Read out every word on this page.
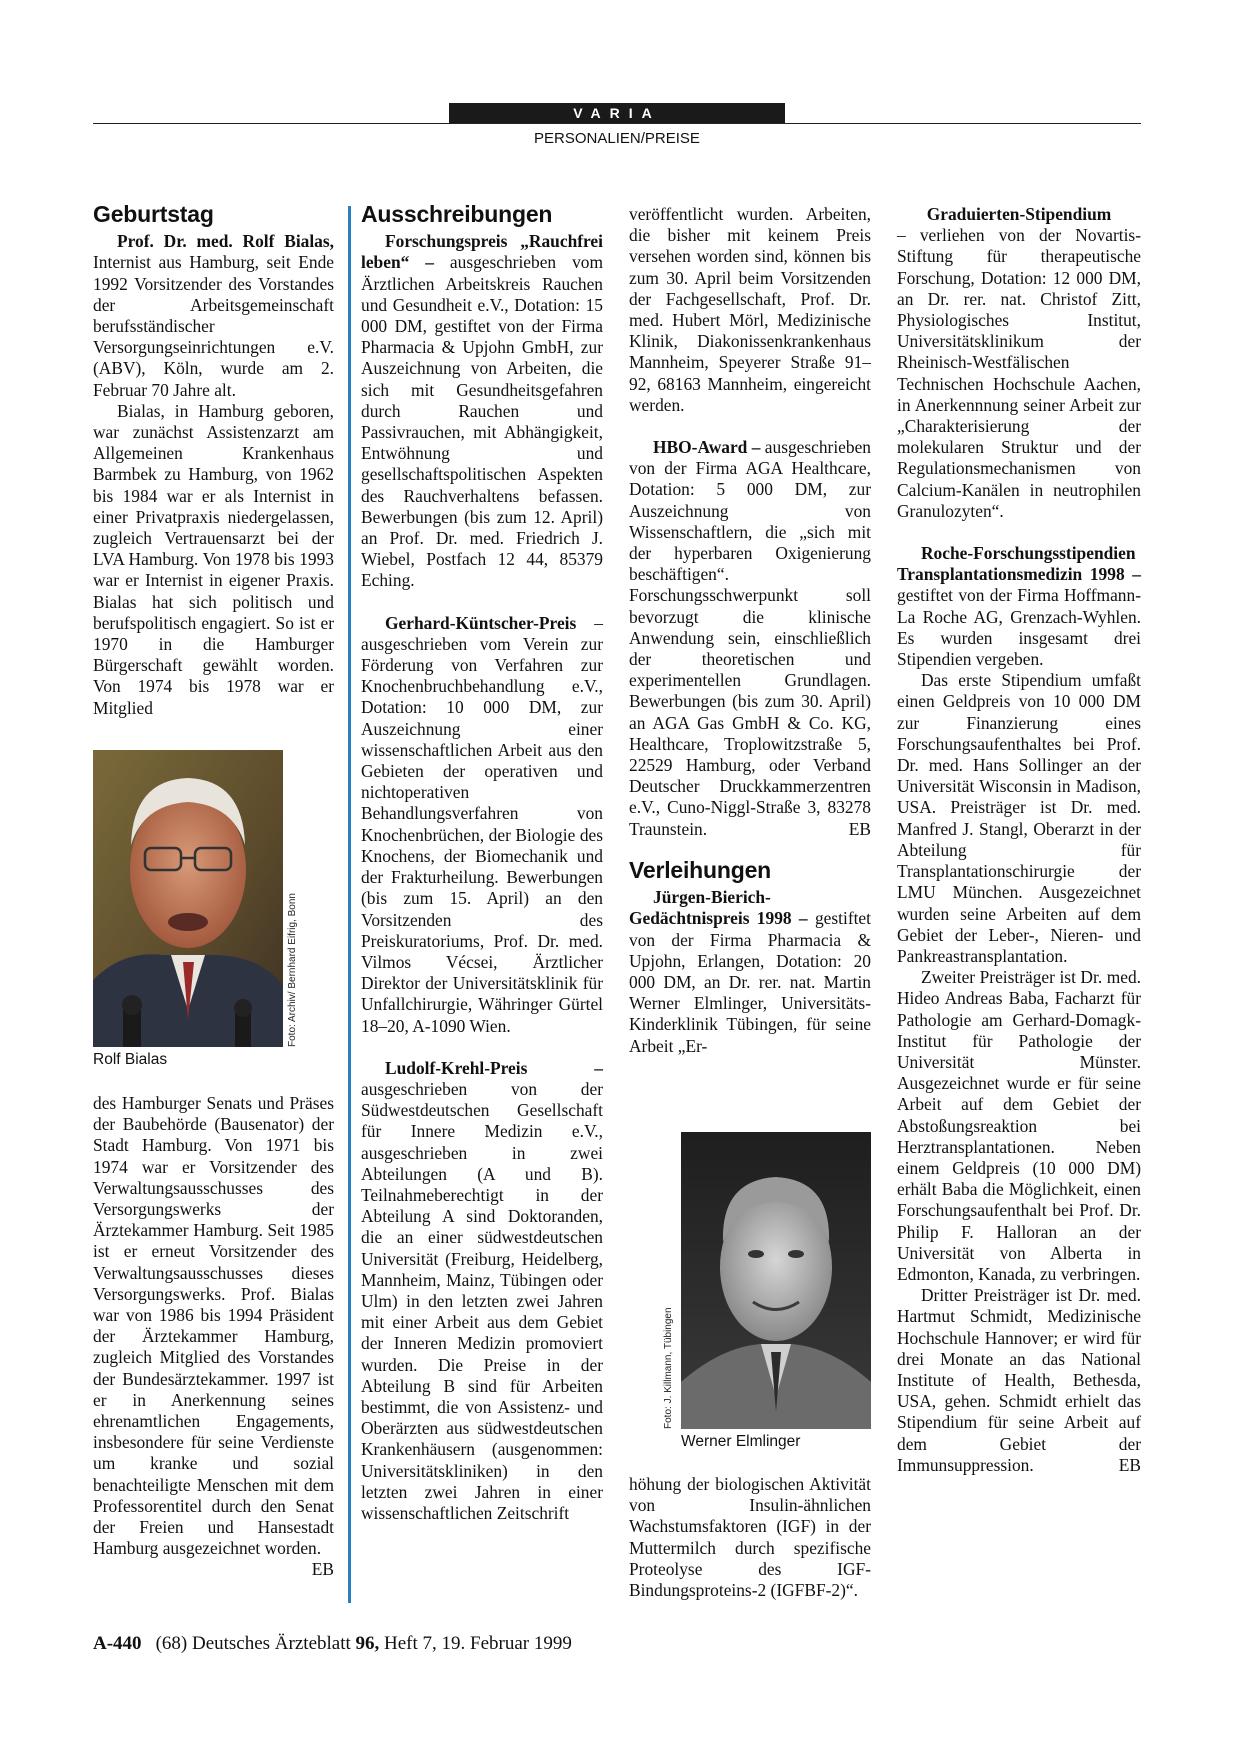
VARIA
PERSONALIEN/PREISE
Geburtstag

Prof. Dr. med. Rolf Bialas, Internist aus Hamburg, seit Ende 1992 Vorsitzender des Vorstandes der Arbeitsgemeinschaft berufsständischer Versorgungseinrichtungen e.V. (ABV), Köln, wurde am 2. Februar 70 Jahre alt.

Bialas, in Hamburg geboren, war zunächst Assistenzarzt am Allgemeinen Krankenhaus Barmbek zu Hamburg, von 1962 bis 1984 war er als Internist in einer Privatpraxis niedergelassen, zugleich Vertrauensarzt bei der LVA Hamburg. Von 1978 bis 1993 war er Internist in eigener Praxis. Bialas hat sich politisch und berufspolitisch engagiert. So ist er 1970 in die Hamburger Bürgerschaft gewählt worden. Von 1974 bis 1978 war er Mitglied

Foto: Archiv/ Bernhard Eifrig, Bonn
Rolf Bialas

des Hamburger Senats und Präses der Baubehörde (Bausenator) der Stadt Hamburg. Von 1971 bis 1974 war er Vorsitzender des Verwaltungsausschusses des Versorgungswerks der Ärztekammer Hamburg. Seit 1985 ist er erneut Vorsitzender des Verwaltungsausschusses dieses Versorgungswerks. Prof. Bialas war von 1986 bis 1994 Präsident der Ärztekammer Hamburg, zugleich Mitglied des Vorstandes der Bundesärztekammer. 1997 ist er in Anerkennung seines ehrenamtlichen Engagements, insbesondere für seine Verdienste um kranke und sozial benachteiligte Menschen mit dem Professorentitel durch den Senat der Freien und Hansestadt Hamburg ausgezeichnet worden.
EB

Ausschreibungen

Forschungspreis „Rauchfrei leben“ – ausgeschrieben vom Ärztlichen Arbeitskreis Rauchen und Gesundheit e.V., Dotation: 15 000 DM, gestiftet von der Firma Pharmacia & Upjohn GmbH, zur Auszeichnung von Arbeiten, die sich mit Gesundheitsgefahren durch Rauchen und Passivrauchen, mit Abhängigkeit, Entwöhnung und gesellschaftspolitischen Aspekten des Rauchverhaltens befassen. Bewerbungen (bis zum 12. April) an Prof. Dr. med. Friedrich J. Wiebel, Postfach 12 44, 85379 Eching.

Gerhard-Küntscher-Preis – ausgeschrieben vom Verein zur Förderung von Verfahren zur Knochenbruchbehandlung e.V., Dotation: 10 000 DM, zur Auszeichnung einer wissenschaftlichen Arbeit aus den Gebieten der operativen und nichtoperativen Behandlungsverfahren von Knochenbrüchen, der Biologie des Knochens, der Biomechanik und der Frakturheilung. Bewerbungen (bis zum 15. April) an den Vorsitzenden des Preiskuratoriums, Prof. Dr. med. Vilmos Vécsei, Ärztlicher Direktor der Universitätsklinik für Unfallchirurgie, Währinger Gürtel 18–20, A-1090 Wien.

Ludolf-Krehl-Preis – ausgeschrieben von der Südwestdeutschen Gesellschaft für Innere Medizin e.V., ausgeschrieben in zwei Abteilungen (A und B). Teilnahmeberechtigt in der Abteilung A sind Doktoranden, die an einer südwestdeutschen Universität (Freiburg, Heidelberg, Mannheim, Mainz, Tübingen oder Ulm) in den letzten zwei Jahren mit einer Arbeit aus dem Gebiet der Inneren Medizin promoviert wurden. Die Preise in der Abteilung B sind für Arbeiten bestimmt, die von Assistenz- und Oberärzten aus südwestdeutschen Krankenhäusern (ausgenommen: Universitätskliniken) in den letzten zwei Jahren in einer wissenschaftlichen Zeitschrift

veröffentlicht wurden. Arbeiten, die bisher mit keinem Preis versehen worden sind, können bis zum 30. April beim Vorsitzenden der Fachgesellschaft, Prof. Dr. med. Hubert Mörl, Medizinische Klinik, Diakonissenkrankenhaus Mannheim, Speyerer Straße 91–92, 68163 Mannheim, eingereicht werden.

HBO-Award – ausgeschrieben von der Firma AGA Healthcare, Dotation: 5 000 DM, zur Auszeichnung von Wissenschaftlern, die „sich mit der hyperbaren Oxigenierung beschäftigen“. Forschungsschwerpunkt soll bevorzugt die klinische Anwendung sein, einschließlich der theoretischen und experimentellen Grundlagen. Bewerbungen (bis zum 30. April) an AGA Gas GmbH & Co. KG, Healthcare, Troplowitzstraße 5, 22529 Hamburg, oder Verband Deutscher Druckkammerzentren e.V., Cuno-Niggl-Straße 3, 83278 Traunstein.	EB

Verleihungen

Jürgen-Bierich-Gedächtnispreis 1998 – gestiftet von der Firma Pharmacia & Upjohn, Erlangen, Dotation: 20 000 DM, an Dr. rer. nat. Martin Werner Elmlinger, Universitäts-Kinderklinik Tübingen, für seine Arbeit „Er-

Foto: J. Killmann, Tübingen
Werner Elmlinger

höhung der biologischen Aktivität von Insulin-ähnlichen Wachstumsfaktoren (IGF) in der Muttermilch durch spezifische Proteolyse des IGF-Bindungsproteins-2 (IGFBF-2)“.

Graduierten-Stipendium

– verliehen von der Novartis-Stiftung für therapeutische Forschung, Dotation: 12 000 DM, an Dr. rer. nat. Christof Zitt, Physiologisches Institut, Universitätsklinikum der Rheinisch-Westfälischen Technischen Hochschule Aachen, in Anerkennnung seiner Arbeit zur „Charakterisierung der molekularen Struktur und der Regulationsmechanismen von Calcium-Kanälen in neutrophilen Granulozyten“.

Roche-Forschungsstipendien Transplantationsmedizin 1998 – gestiftet von der Firma Hoffmann-La Roche AG, Grenzach-Wyhlen. Es wurden insgesamt drei Stipendien vergeben.

Das erste Stipendium umfaßt einen Geldpreis von 10 000 DM zur Finanzierung eines Forschungsaufenthaltes bei Prof. Dr. med. Hans Sollinger an der Universität Wisconsin in Madison, USA. Preisträger ist Dr. med. Manfred J. Stangl, Oberarzt in der Abteilung für Transplantationschirurgie der LMU München. Ausgezeichnet wurden seine Arbeiten auf dem Gebiet der Leber-, Nieren- und Pankreastransplantation.

Zweiter Preisträger ist Dr. med. Hideo Andreas Baba, Facharzt für Pathologie am Gerhard-Domagk-Institut für Pathologie der Universität Münster. Ausgezeichnet wurde er für seine Arbeit auf dem Gebiet der Abstoßungsreaktion bei Herztransplantationen. Neben einem Geldpreis (10 000 DM) erhält Baba die Möglichkeit, einen Forschungsaufenthalt bei Prof. Dr. Philip F. Halloran an der Universität von Alberta in Edmonton, Kanada, zu verbringen.

Dritter Preisträger ist Dr. med. Hartmut Schmidt, Medizinische Hochschule Hannover; er wird für drei Monate an das National Institute of Health, Bethesda, USA, gehen. Schmidt erhielt das Stipendium für seine Arbeit auf dem Gebiet der Immunsuppression.	EB

A-440 (68) Deutsches Ärzteblatt 96, Heft 7, 19. Februar 1999
